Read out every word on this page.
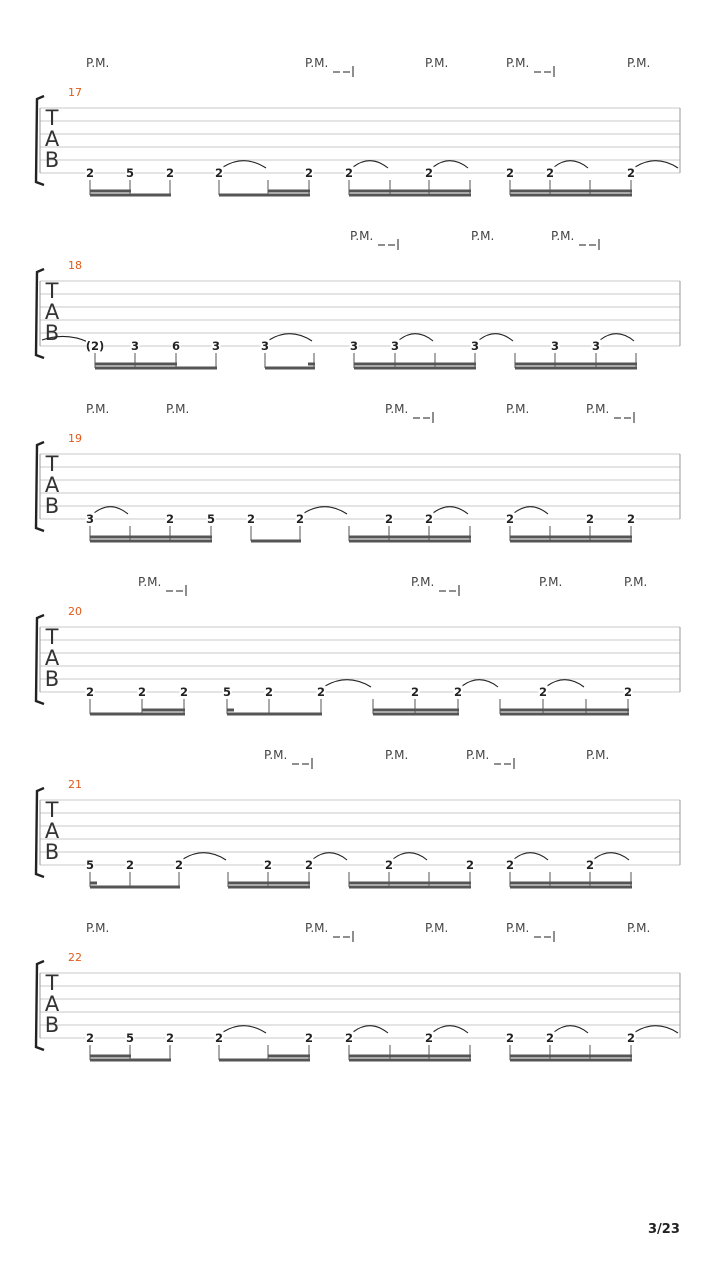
T
A
B
17
P.M.	P.M.	P.M.	P.M.	P.M.
2	5	2	2	2	2	2	2	2	2
T
A
B
18
P.M.	P.M.	P.M.
(2) 3	6	3	3	3	3	3	3	3
T
A
B
19
P.M.	P.M.	P.M.	P.M.	P.M.
3	2	5	2	2	2	2	2	2	2
T
A
B
20
P.M.	P.M.	P.M.	P.M.
2	2	2	5	2	2	2	2	2	2
T
A
B
21
P.M.	P.M.	P.M.	P.M.
5	2	2	2	2	2	2	2	2
T
A
B
22
P.M.	P.M.	P.M.	P.M.	P.M.
2	5	2	2	2	2	2	2	2	2
3/23
